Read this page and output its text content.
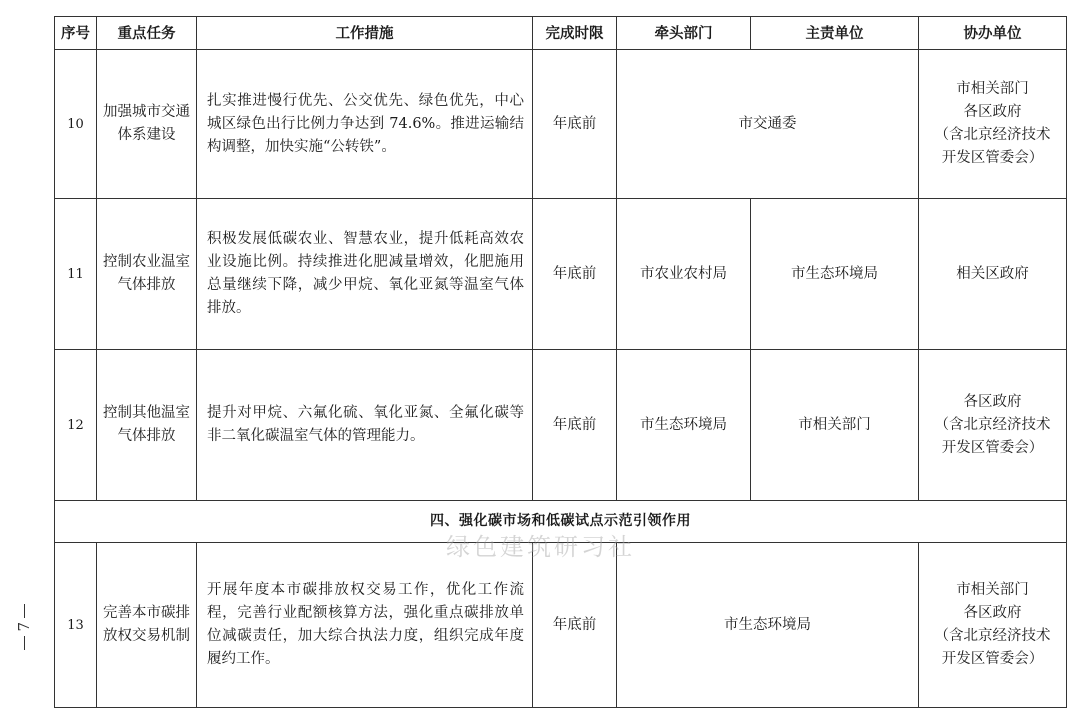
7
序号	重点任务	工作措施	完成时限	牵头部门	主责单位	协办单位
10	加强城市交通体系建设	扎实推进慢行优先、公交优先、绿色优先，中心城区绿色出行比例力争达到 74.6%。推进运输结构调整，加快实施“公转铁”。	年底前	市交通委		市相关部门
各区政府
（含北京经济技术
开发区管委会）

11	控制农业温室气体排放	积极发展低碳农业、智慧农业，提升低耗高效农业设施比例。持续推进化肥减量增效，化肥施用总量继续下降，减少甲烷、氧化亚氮等温室气体排放。	年底前	市农业农村局	市生态环境局	相关区政府

12	控制其他温室气体排放	提升对甲烷、六氟化硫、氧化亚氮、全氟化碳等非二氧化碳温室气体的管理能力。	年底前	市生态环境局	市相关部门	各区政府
（含北京经济技术
开发区管委会）

四、强化碳市场和低碳试点示范引领作用						
13	完善本市碳排放权交易机制	开展年度本市碳排放权交易工作，优化工作流程，完善行业配额核算方法，强化重点碳排放单位减碳责任，加大综合执法力度，组织完成年度履约工作。	年底前	市生态环境局		市相关部门
各区政府
（含北京经济技术
开发区管委会）
绿色建筑研习社
